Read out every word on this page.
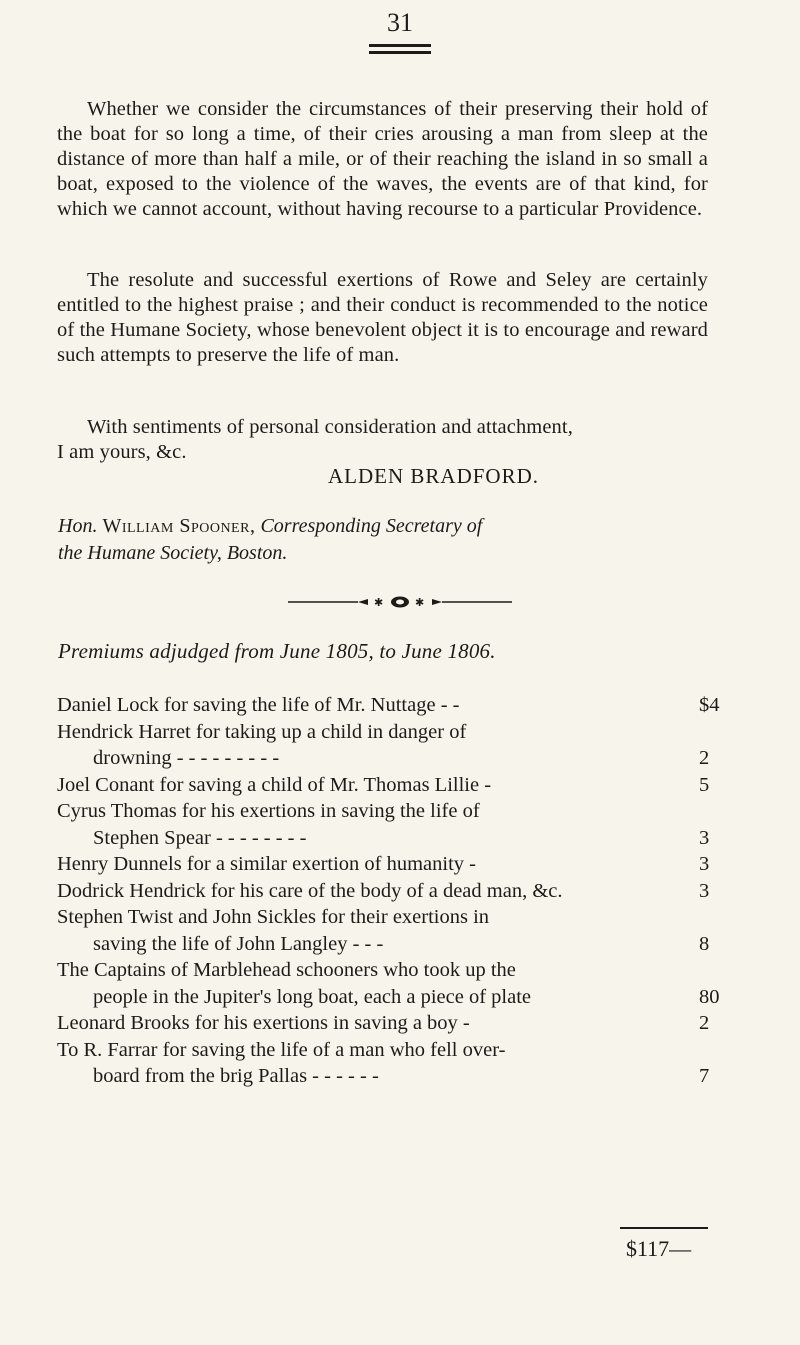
31
Whether we consider the circumstances of their preserving their hold of the boat for so long a time, of their cries arousing a man from sleep at the distance of more than half a mile, or of their reaching the island in so small a boat, exposed to the violence of the waves, the events are of that kind, for which we cannot account, without having recourse to a particular Providence.
The resolute and successful exertions of Rowe and Seley are certainly entitled to the highest praise ; and their conduct is recommended to the notice of the Humane Society, whose benevolent object it is to encourage and reward such attempts to preserve the life of man.
With sentiments of personal consideration and attachment,
I am yours, &c.
ALDEN BRADFORD.
Hon. William Spooner, Corresponding Secretary of
the Humane Society, Boston.
✱	✱
Premiums adjudged from June 1805, to June 1806.
Daniel Lock for saving the life of Mr. Nuttage - -	$4
Hendrick Harret for taking up a child in danger of
drowning - - - - - - - - -	2
Joel Conant for saving a child of Mr. Thomas Lillie -	5
Cyrus Thomas for his exertions in saving the life of
Stephen Spear - - - - - - - -	3
Henry Dunnels for a similar exertion of humanity -	3
Dodrick Hendrick for his care of the body of a dead man, &c.	3
Stephen Twist and John Sickles for their exertions in
saving the life of John Langley - - -	8
The Captains of Marblehead schooners who took up the
people in the Jupiter's long boat, each a piece of plate	80
Leonard Brooks for his exertions in saving a boy -	2
To R. Farrar for saving the life of a man who fell over-
board from the brig Pallas - - - - - -	7
$117—
